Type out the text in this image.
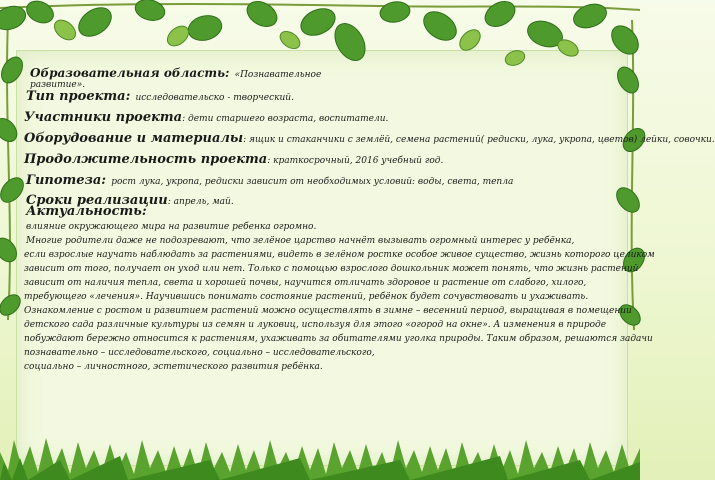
Образовательная область: «Познавательное
развитие».
Тип проекта: исследовательско - творческий.
Участники проекта: дети старшего возраста, воспитатели.
Оборудование и материалы: ящик и стаканчики с землёй, семена растений( редиски, лука, укропа, цветов) лейки, совочки.
Продолжительность проекта: краткосрочный, 2016 учебный год.
Гипотеза: рост лука, укропа, редиски зависит от необходимых условий: воды, света, тепла
Сроки реализации: апрель, май.
Актуальность:
влияние окружающего мира на развитие ребенка огромно.
Многие родители даже не подозревают, что зелёное царство начнёт вызывать огромный интерес у ребёнка,
если взрослые научать наблюдать за растениями, видеть в зелёном ростке особое живое существо, жизнь которого целиком
зависит от того, получает он уход или нет. Только с помощью взрослого дошкольник может понять, что жизнь растений
зависит от наличия тепла, света и хорошей почвы, научится отличать здоровое и растение от слабого, хилого,
требующего «лечения». Научившись понимать состояние растений, ребёнок будет сочувствовать и ухаживать.
Ознакомление с ростом и развитием растений можно осуществлять в зимне – весенний период, выращивая в помещении
детского сада различные культуры из семян и луковиц, используя для этого «огород на окне». А изменения в природе
побуждают бережно относится к растениям, ухаживать за обитателями уголка природы. Таким образом, решаются задачи
познавательно – исследовательского, социально – исследовательского,
социально – личностного, эстетического развития ребёнка.
